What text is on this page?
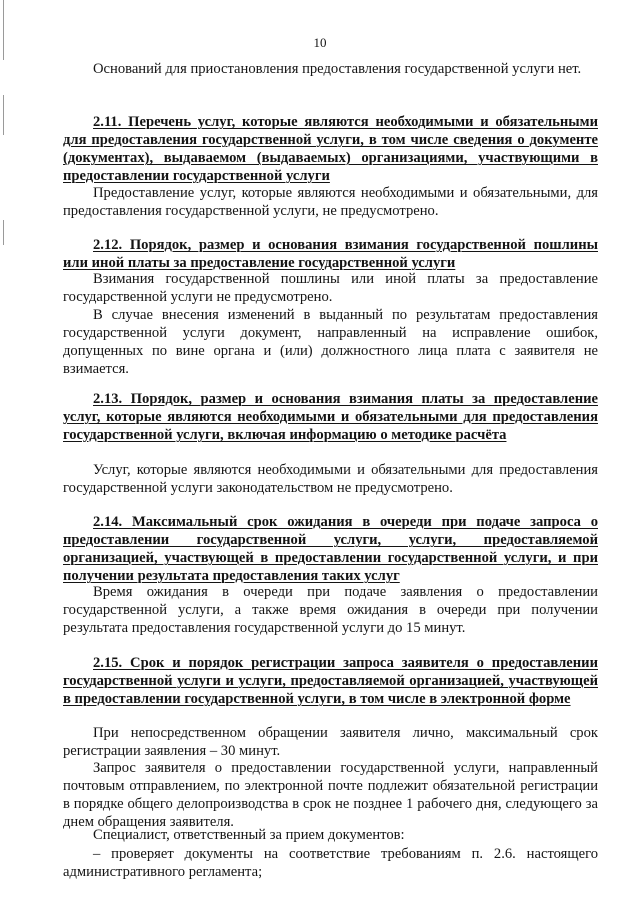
10
Оснований для приостановления предоставления государственной услуги нет.
2.11. Перечень услуг, которые являются необходимыми и обязательными для предоставления государственной услуги, в том числе сведения о документе (документах), выдаваемом (выдаваемых) организациями, участвующими в предоставлении государственной услуги
Предоставление услуг, которые являются необходимыми и обязательными, для предоставления государственной услуги, не предусмотрено.
2.12. Порядок, размер и основания взимания государственной пошлины или иной платы за предоставление государственной услуги
Взимания государственной пошлины или иной платы за предоставление государственной услуги не предусмотрено.
В случае внесения изменений в выданный по результатам предоставления государственной услуги документ, направленный на исправление ошибок, допущенных по вине органа и (или) должностного лица плата с заявителя не взимается.
2.13. Порядок, размер и основания взимания платы за предоставление услуг, которые являются необходимыми и обязательными для предоставления государственной услуги, включая информацию о методике расчёта
Услуг, которые являются необходимыми и обязательными для предоставления государственной услуги законодательством не предусмотрено.
2.14. Максимальный срок ожидания в очереди при подаче запроса о предоставлении государственной услуги, услуги, предоставляемой организацией, участвующей в предоставлении государственной услуги, и при получении результата предоставления таких услуг
Время ожидания в очереди при подаче заявления о предоставлении государственной услуги, а также время ожидания в очереди при получении результата предоставления государственной услуги до 15 минут.
2.15. Срок и порядок регистрации запроса заявителя о предоставлении государственной услуги и услуги, предоставляемой организацией, участвующей в предоставлении государственной услуги, в том числе в электронной форме
При непосредственном обращении заявителя лично, максимальный срок регистрации заявления – 30 минут.
Запрос заявителя о предоставлении государственной услуги, направленный почтовым отправлением, по электронной почте подлежит обязательной регистрации в порядке общего делопроизводства в срок не позднее 1 рабочего дня, следующего за днем обращения заявителя.
Специалист, ответственный за прием документов:
– проверяет документы на соответствие требованиям п. 2.6. настоящего административного регламента;
